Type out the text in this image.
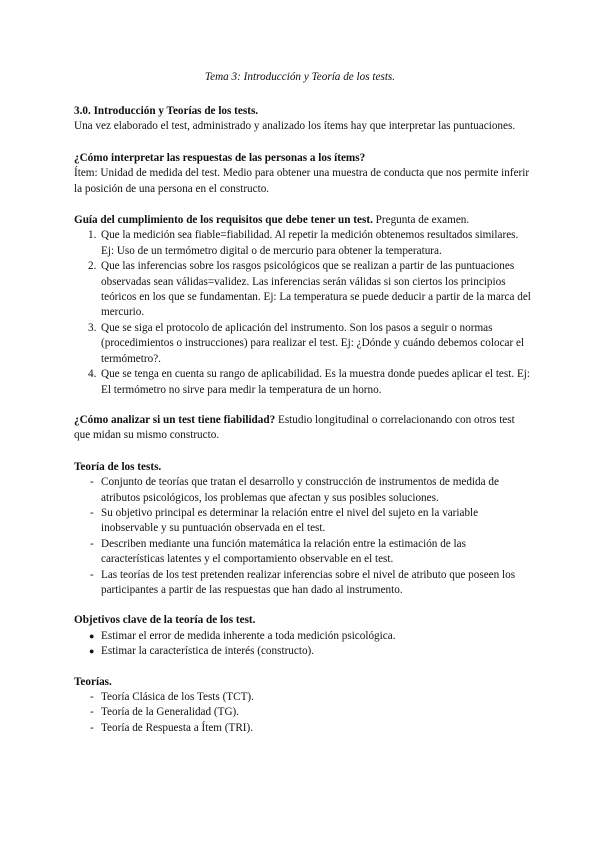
Tema 3: Introducción y Teoría de los tests.

3.0. Introducción y Teorías de los tests.

Una vez elaborado el test, administrado y analizado los ítems hay que interpretar las puntuaciones.

¿Cómo interpretar las respuestas de las personas a los ítems?

Ítem: Unidad de medida del test. Medio para obtener una muestra de conducta que nos permite inferir la posición de una persona en el constructo.

Guía del cumplimiento de los requisitos que debe tener un test. Pregunta de examen.

1. Que la medición sea fiable=fiabilidad. Al repetir la medición obtenemos resultados similares. Ej: Uso de un termómetro digital o de mercurio para obtener la temperatura.
2. Que las inferencias sobre los rasgos psicológicos que se realizan a partir de las puntuaciones observadas sean válidas=validez. Las inferencias serán válidas si son ciertos los principios teóricos en los que se fundamentan. Ej: La temperatura se puede deducir a partir de la marca del mercurio.
3. Que se siga el protocolo de aplicación del instrumento. Son los pasos a seguir o normas (procedimientos o instrucciones) para realizar el test. Ej: ¿Dónde y cuándo debemos colocar el termómetro?.
4. Que se tenga en cuenta su rango de aplicabilidad. Es la muestra donde puedes aplicar el test. Ej: El termómetro no sirve para medir la temperatura de un horno.

¿Cómo analizar si un test tiene fiabilidad? Estudio longitudinal o correlacionando con otros test que midan su mismo constructo.

Teoría de los tests.

- Conjunto de teorías que tratan el desarrollo y construcción de instrumentos de medida de atributos psicológicos, los problemas que afectan y sus posibles soluciones.
- Su objetivo principal es determinar la relación entre el nivel del sujeto en la variable inobservable y su puntuación observada en el test.
- Describen mediante una función matemática la relación entre la estimación de las características latentes y el comportamiento observable en el test.
- Las teorías de los test pretenden realizar inferencias sobre el nivel de atributo que poseen los participantes a partir de las respuestas que han dado al instrumento.

Objetivos clave de la teoría de los test.

● Estimar el error de medida inherente a toda medición psicológica.
● Estimar la característica de interés (constructo).

Teorías.

- Teoría Clásica de los Tests (TCT).
- Teoría de la Generalidad (TG).
- Teoría de Respuesta a Ítem (TRI).
